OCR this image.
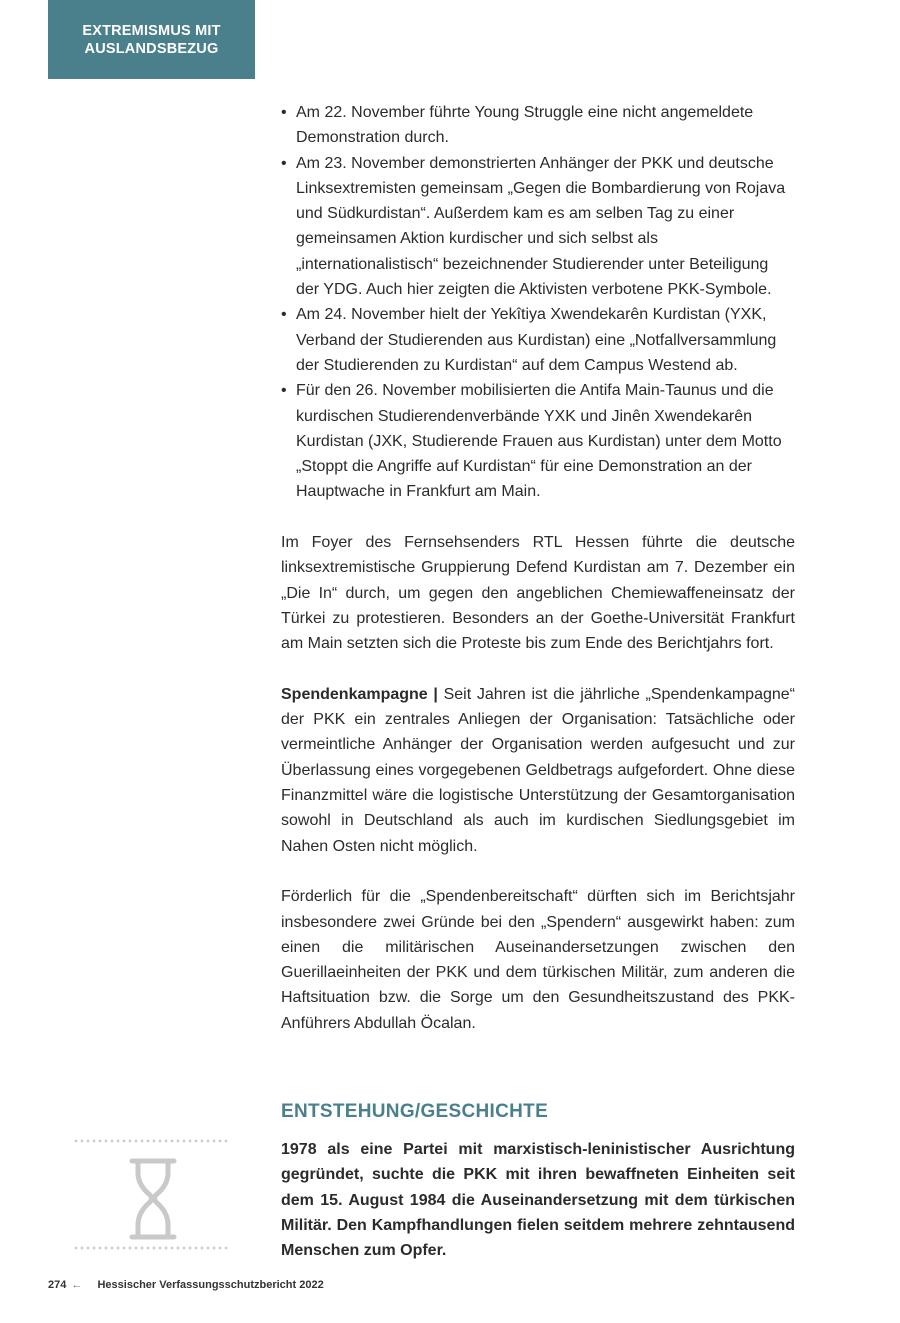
EXTREMISMUS MIT
AUSLANDSBEZUG
• Am 22. November führte Young Struggle eine nicht angemeldete Demonstration durch.
• Am 23. November demonstrierten Anhänger der PKK und deutsche Linksextremisten gemeinsam „Gegen die Bombardierung von Rojava und Südkurdistan“. Außerdem kam es am selben Tag zu einer gemeinsamen Aktion kurdischer und sich selbst als „internationalistisch“ bezeichnender Studierender unter Beteiligung der YDG. Auch hier zeigten die Aktivisten verbotene PKK-Symbole.
• Am 24. November hielt der Yekîtiya Xwendekarên Kurdistan (YXK, Verband der Studierenden aus Kurdistan) eine „Notfallversammlung der Studierenden zu Kurdistan“ auf dem Campus Westend ab.
• Für den 26. November mobilisierten die Antifa Main-Taunus und die kurdischen Studierendenverbände YXK und Jinên Xwendekarên Kurdistan (JXK, Studierende Frauen aus Kurdistan) unter dem Motto „Stoppt die Angriffe auf Kurdistan“ für eine Demonstration an der Hauptwache in Frankfurt am Main.

Im Foyer des Fernsehsenders RTL Hessen führte die deutsche linksextremistische Gruppierung Defend Kurdistan am 7. Dezember ein „Die In“ durch, um gegen den angeblichen Chemiewaffeneinsatz der Türkei zu protestieren. Besonders an der Goethe-Universität Frankfurt am Main setzten sich die Proteste bis zum Ende des Berichtjahrs fort.

Spendenkampagne | Seit Jahren ist die jährliche „Spendenkampagne“ der PKK ein zentrales Anliegen der Organisation: Tatsächliche oder vermeintliche Anhänger der Organisation werden aufgesucht und zur Überlassung eines vorgegebenen Geldbetrags aufgefordert. Ohne diese Finanzmittel wäre die logistische Unterstützung der Gesamtorganisation sowohl in Deutschland als auch im kurdischen Siedlungsgebiet im Nahen Osten nicht möglich.

Förderlich für die „Spendenbereitschaft“ dürften sich im Berichtsjahr insbesondere zwei Gründe bei den „Spendern“ ausgewirkt haben: zum einen die militärischen Auseinandersetzungen zwischen den Guerillaeinheiten der PKK und dem türkischen Militär, zum anderen die Haftsituation bzw. die Sorge um den Gesundheitszustand des PKK-Anführers Abdullah Öcalan.

ENTSTEHUNG/GESCHICHTE
1978 als eine Partei mit marxistisch-leninistischer Ausrichtung gegründet, suchte die PKK mit ihren bewaffneten Einheiten seit dem 15. August 1984 die Auseinandersetzung mit dem türkischen Militär. Den Kampfhandlungen fielen seitdem mehrere zehntausend Menschen zum Opfer.
274 ← Hessischer Verfassungsschutzbericht 2022
